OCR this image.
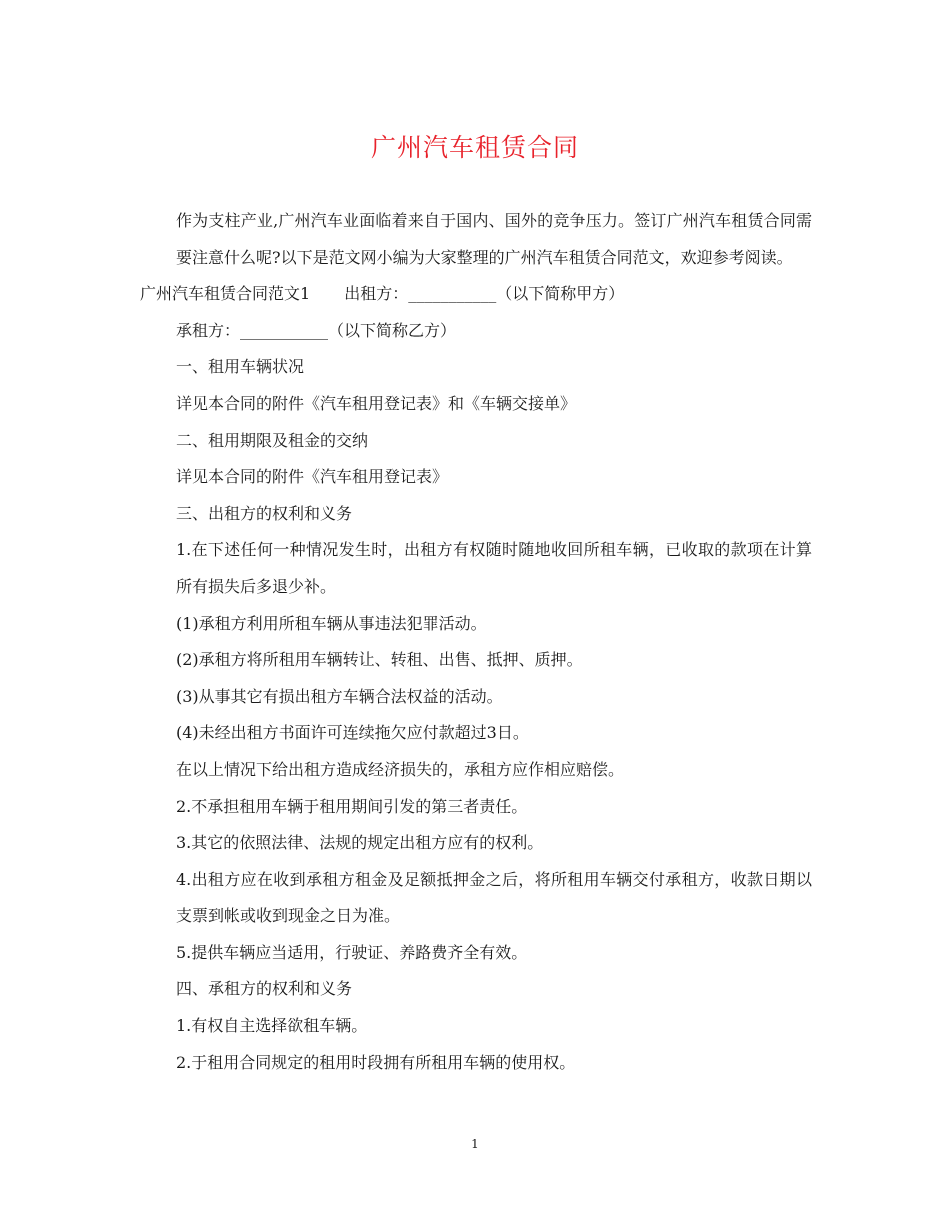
广州汽车租赁合同

作为支柱产业,广州汽车业面临着来自于国内、国外的竞争压力。签订广州汽车租赁合同需要注意什么呢?以下是范文网小编为大家整理的广州汽车租赁合同范文，欢迎参考阅读。

广州汽车租赁合同范文1 出租方：___________（以下简称甲方）

承租方：___________（以下简称乙方）

一、租用车辆状况

详见本合同的附件《汽车租用登记表》和《车辆交接单》

二、租用期限及租金的交纳

详见本合同的附件《汽车租用登记表》

三、出租方的权利和义务

1.在下述任何一种情况发生时，出租方有权随时随地收回所租车辆，已收取的款项在计算所有损失后多退少补。

(1)承租方利用所租车辆从事违法犯罪活动。

(2)承租方将所租用车辆转让、转租、出售、抵押、质押。

(3)从事其它有损出租方车辆合法权益的活动。

(4)未经出租方书面许可连续拖欠应付款超过3日。

在以上情况下给出租方造成经济损失的，承租方应作相应赔偿。

2.不承担租用车辆于租用期间引发的第三者责任。

3.其它的依照法律、法规的规定出租方应有的权利。

4.出租方应在收到承租方租金及足额抵押金之后，将所租用车辆交付承租方，收款日期以支票到帐或收到现金之日为准。

5.提供车辆应当适用，行驶证、养路费齐全有效。

四、承租方的权利和义务

1.有权自主选择欲租车辆。

2.于租用合同规定的租用时段拥有所租用车辆的使用权。

1
